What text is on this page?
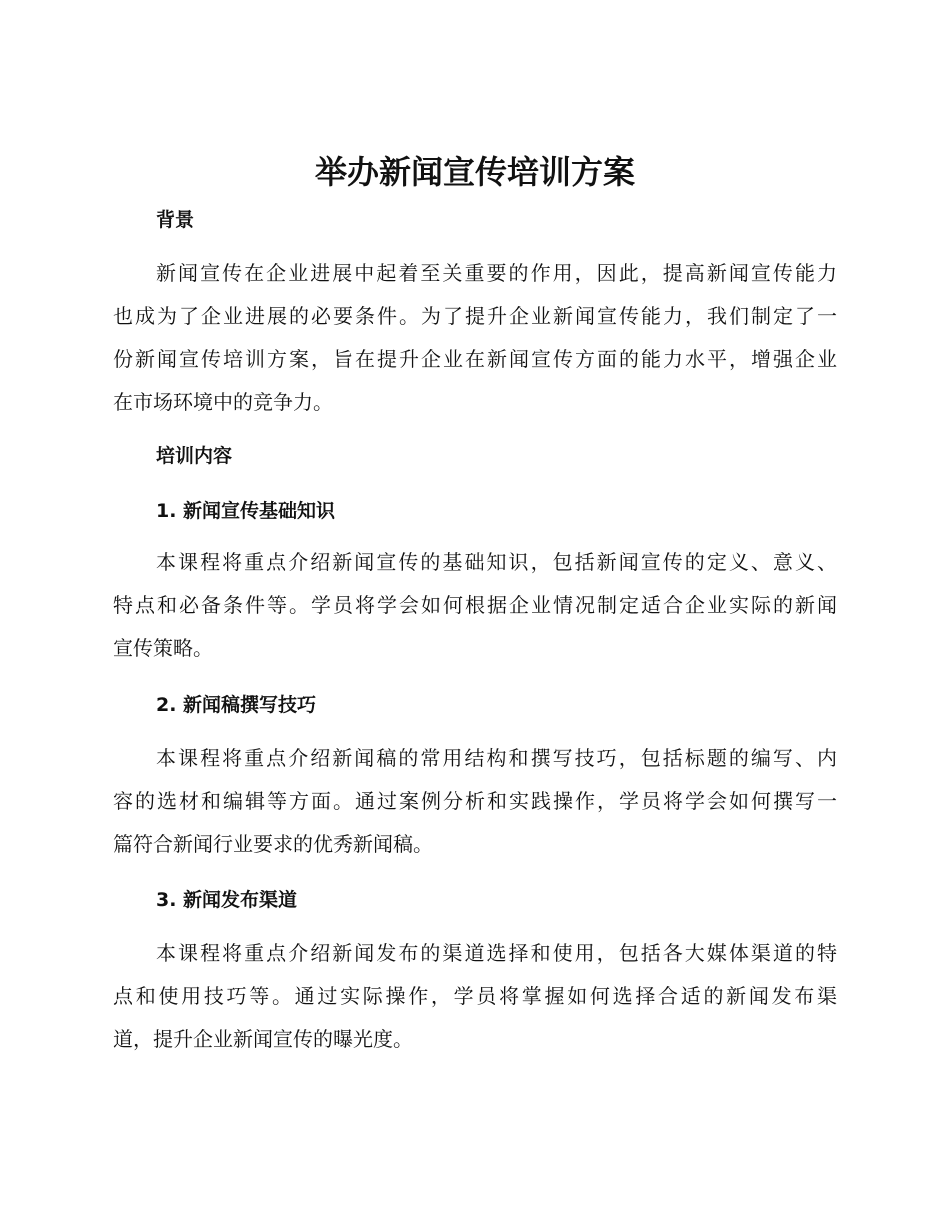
举办新闻宣传培训方案
背景

新闻宣传在企业进展中起着至关重要的作用，因此，提高新闻宣传能力
也成为了企业进展的必要条件。为了提升企业新闻宣传能力，我们制定了一
份新闻宣传培训方案，旨在提升企业在新闻宣传方面的能力水平，增强企业
在市场环境中的竞争力。

培训内容
1. 新闻宣传基础知识

本课程将重点介绍新闻宣传的基础知识，包括新闻宣传的定义、意义、
特点和必备条件等。学员将学会如何根据企业情况制定适合企业实际的新闻
宣传策略。

2. 新闻稿撰写技巧

本课程将重点介绍新闻稿的常用结构和撰写技巧，包括标题的编写、内
容的选材和编辑等方面。通过案例分析和实践操作，学员将学会如何撰写一
篇符合新闻行业要求的优秀新闻稿。

3. 新闻发布渠道

本课程将重点介绍新闻发布的渠道选择和使用，包括各大媒体渠道的特
点和使用技巧等。通过实际操作，学员将掌握如何选择合适的新闻发布渠
道，提升企业新闻宣传的曝光度。
